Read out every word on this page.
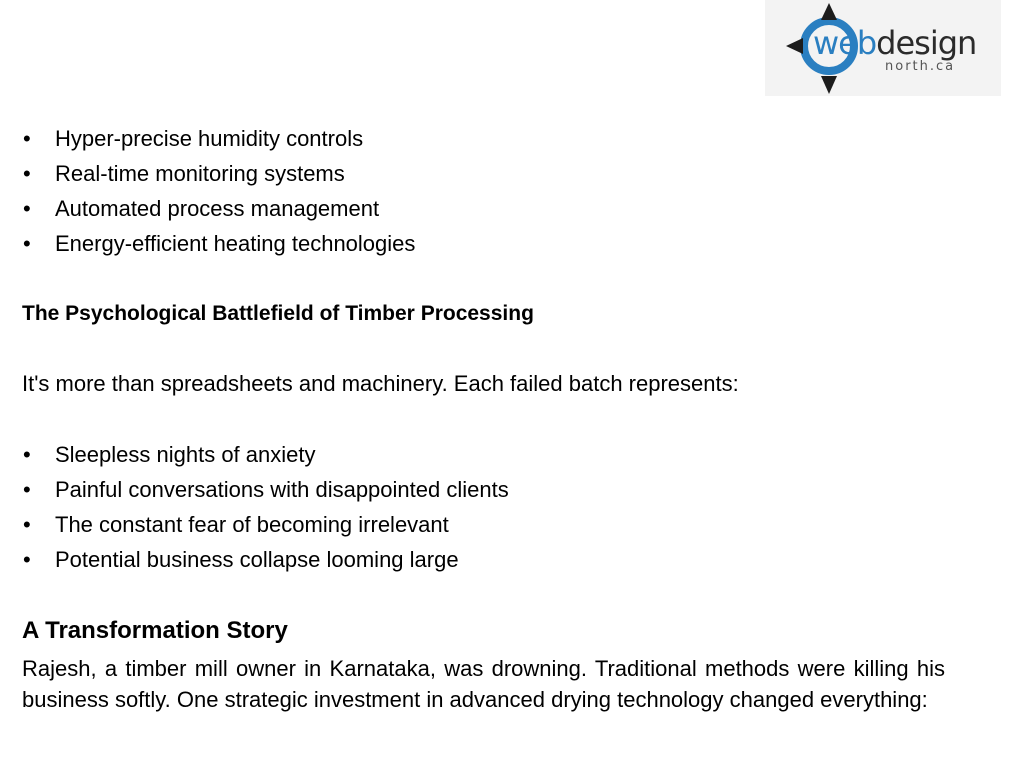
webdesign
north.ca
• Hyper-precise humidity controls
• Real-time monitoring systems
• Automated process management
• Energy-efficient heating technologies
The Psychological Battlefield of Timber Processing
It's more than spreadsheets and machinery. Each failed batch represents:
• Sleepless nights of anxiety
• Painful conversations with disappointed clients
• The constant fear of becoming irrelevant
• Potential business collapse looming large
A Transformation Story

Rajesh, a timber mill owner in Karnataka, was drowning. Traditional methods were killing his business softly. One strategic investment in advanced drying technology changed everything:
